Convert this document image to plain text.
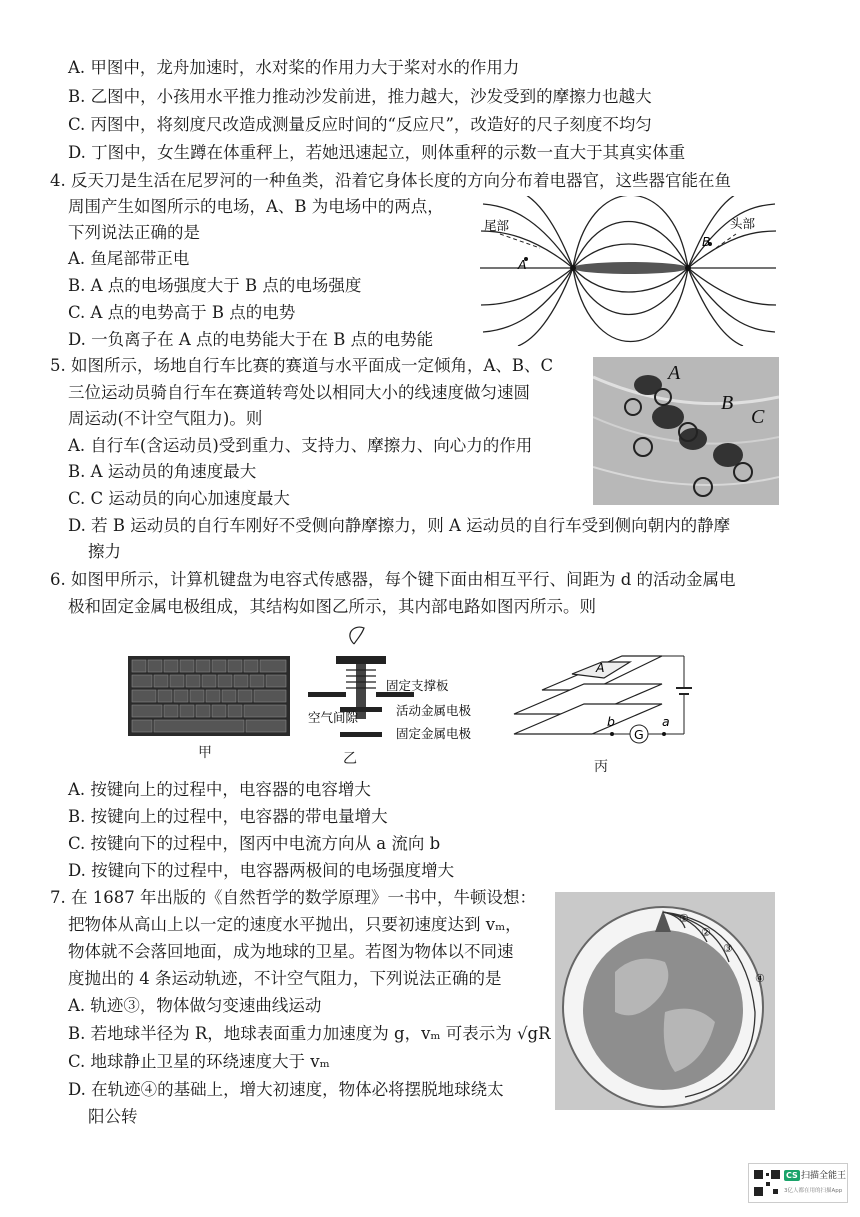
A. 甲图中，龙舟加速时，水对桨的作用力大于桨对水的作用力
B. 乙图中，小孩用水平推力推动沙发前进，推力越大，沙发受到的摩擦力也越大
C. 丙图中，将刻度尺改造成测量反应时间的“反应尺”，改造好的尺子刻度不均匀
D. 丁图中，女生蹲在体重秤上，若她迅速起立，则体重秤的示数一直大于其真实体重
4. 反天刀是生活在尼罗河的一种鱼类，沿着它身体长度的方向分布着电器官，这些器官能在鱼
周围产生如图所示的电场，A、B 为电场中的两点，
下列说法正确的是
A. 鱼尾部带正电
B. A 点的电场强度大于 B 点的电场强度
C. A 点的电势高于 B 点的电势
D. 一负离子在 A 点的电势能大于在 B 点的电势能
尾部	头部
A
B
5. 如图所示，场地自行车比赛的赛道与水平面成一定倾角，A、B、C
三位运动员骑自行车在赛道转弯处以相同大小的线速度做匀速圆
周运动(不计空气阻力)。则
A. 自行车(含运动员)受到重力、支持力、摩擦力、向心力的作用
B. A 运动员的角速度最大
C. C 运动员的向心加速度最大
D. 若 B 运动员的自行车刚好不受侧向静摩擦力，则 A 运动员的自行车受到侧向朝内的静摩
擦力
A
B
C
6. 如图甲所示，计算机键盘为电容式传感器，每个键下面由相互平行、间距为 d 的活动金属电
极和固定金属电极组成，其结构如图乙所示，其内部电路如图丙所示。则
甲
固定支撑板
空气间隙	活动金属电极
固定金属电极
乙
A
G
b	a
丙
A. 按键向上的过程中，电容器的电容增大
B. 按键向上的过程中，电容器的带电量增大
C. 按键向下的过程中，图丙中电流方向从 a 流向 b
D. 按键向下的过程中，电容器两极间的电场强度增大
7. 在 1687 年出版的《自然哲学的数学原理》一书中，牛顿设想：
把物体从高山上以一定的速度水平抛出，只要初速度达到 vₘ，
物体就不会落回地面，成为地球的卫星。若图为物体以不同速
度抛出的 4 条运动轨迹，不计空气阻力，下列说法正确的是
A. 轨迹③，物体做匀变速曲线运动
B. 若地球半径为 R，地球表面重力加速度为 g，vₘ 可表示为 √gR
C. 地球静止卫星的环绕速度大于 vₘ
D. 在轨迹④的基础上，增大初速度，物体必将摆脱地球绕太
阳公转
①
②
③
④
CS 扫描全能王
3亿人都在用的扫描App
